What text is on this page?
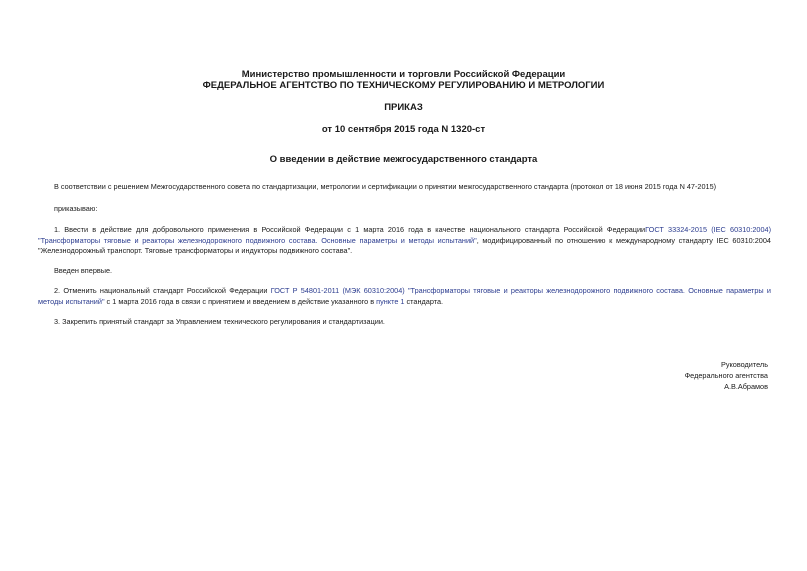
Министерство промышленности и торговли Российской Федерации
ФЕДЕРАЛЬНОЕ АГЕНТСТВО ПО ТЕХНИЧЕСКОМУ РЕГУЛИРОВАНИЮ И МЕТРОЛОГИИ
ПРИКАЗ
от 10 сентября 2015 года N 1320-ст
О введении в действие межгосударственного стандарта
В соответствии с решением Межгосударственного совета по стандартизации, метрологии и сертификации о принятии межгосударственного стандарта (протокол от 18 июня 2015 года N 47-2015)
приказываю:
1. Ввести в действие для добровольного применения в Российской Федерации с 1 марта 2016 года в качестве национального стандарта Российской ФедерацииГОСТ 33324-2015 (IEC 60310:2004) "Трансформаторы тяговые и реакторы железнодорожного подвижного состава. Основные параметры и методы испытаний", модифицированный по отношению к международному стандарту IEC 60310:2004 "Железнодорожный транспорт. Тяговые трансформаторы и индукторы подвижного состава".
Введен впервые.
2. Отменить национальный стандарт Российской Федерации ГОСТ Р 54801-2011 (МЭК 60310:2004) "Трансформаторы тяговые и реакторы железнодорожного подвижного состава. Основные параметры и методы испытаний" с 1 марта 2016 года в связи с принятием и введением в действие указанного в пункте 1 стандарта.
3. Закрепить принятый стандарт за Управлением технического регулирования и стандартизации.
Руководитель
Федерального агентства
А.В.Абрамов
